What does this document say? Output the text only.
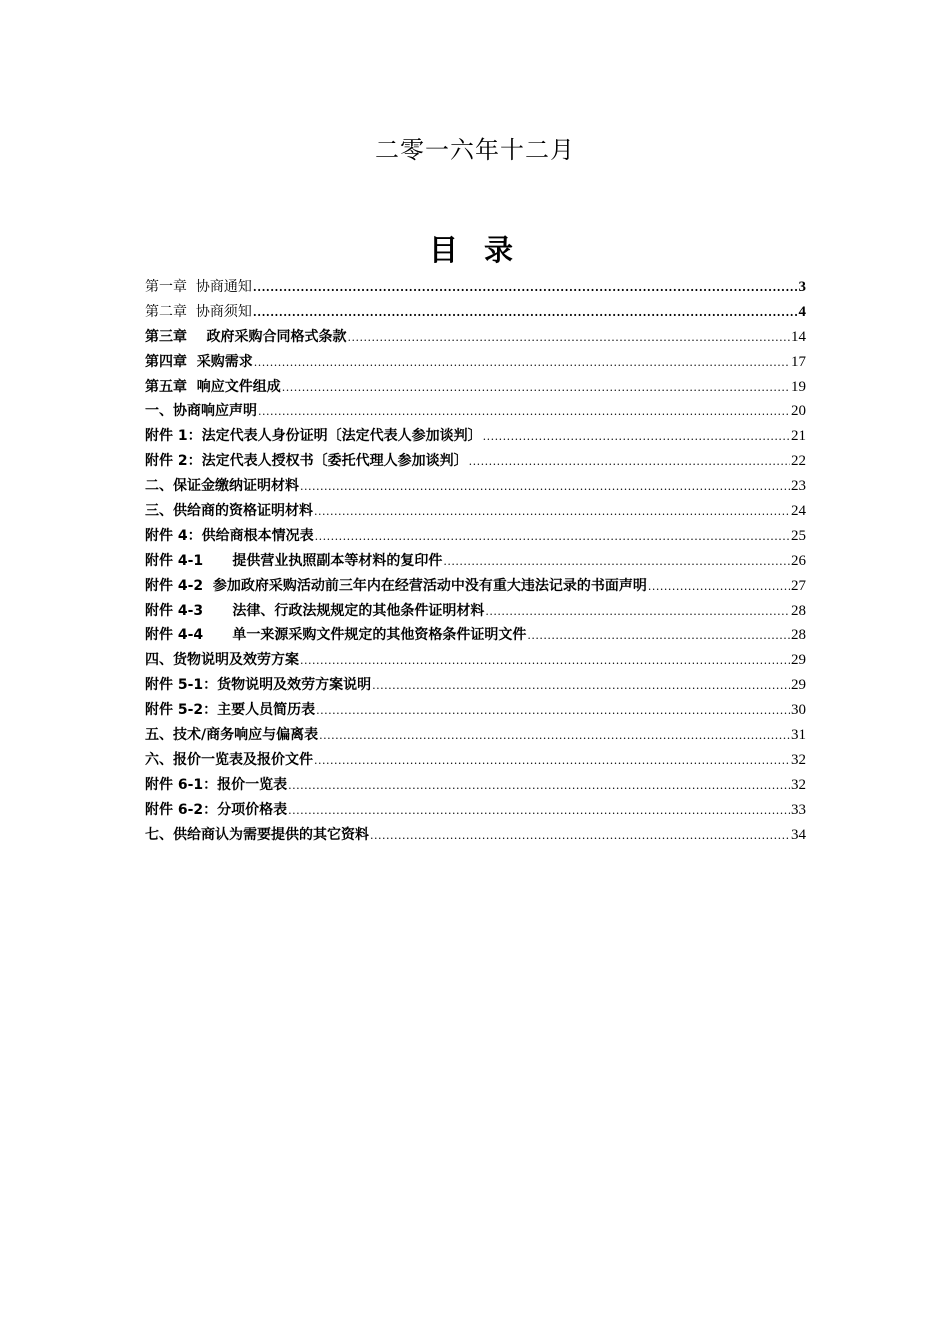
二零一六年十二月
目 录
第一章  协商通知 .....	3
第二章  协商须知 .....	4
第三章    政府采购合同格式条款 .....	14
第四章  采购需求 .....	17
第五章  响应文件组成 .....	19
一、协商响应声明 .....	20
附件 1：法定代表人身份证明〔法定代表人参加谈判〕 .....	21
附件 2：法定代表人授权书〔委托代理人参加谈判〕 .....	22
二、保证金缴纳证明材料 .....	23
三、供给商的资格证明材料 .....	24
附件 4：供给商根本情况表 .....	25
附件 4-1      提供营业执照副本等材料的复印件 .....	26
附件 4-2  参加政府采购活动前三年内在经营活动中没有重大违法记录的书面声明 .....	27
附件 4-3      法律、行政法规规定的其他条件证明材料 .....	28
附件 4-4      单一来源采购文件规定的其他资格条件证明文件 .....	28
四、货物说明及效劳方案 .....	29
附件 5-1：货物说明及效劳方案说明 .....	29
附件 5-2：主要人员简历表 .....	30
五、技术/商务响应与偏离表 .....	31
六、报价一览表及报价文件 .....	32
附件 6-1：报价一览表 .....	32
附件 6-2：分项价格表 .....	33
七、供给商认为需要提供的其它资料 .....	34
